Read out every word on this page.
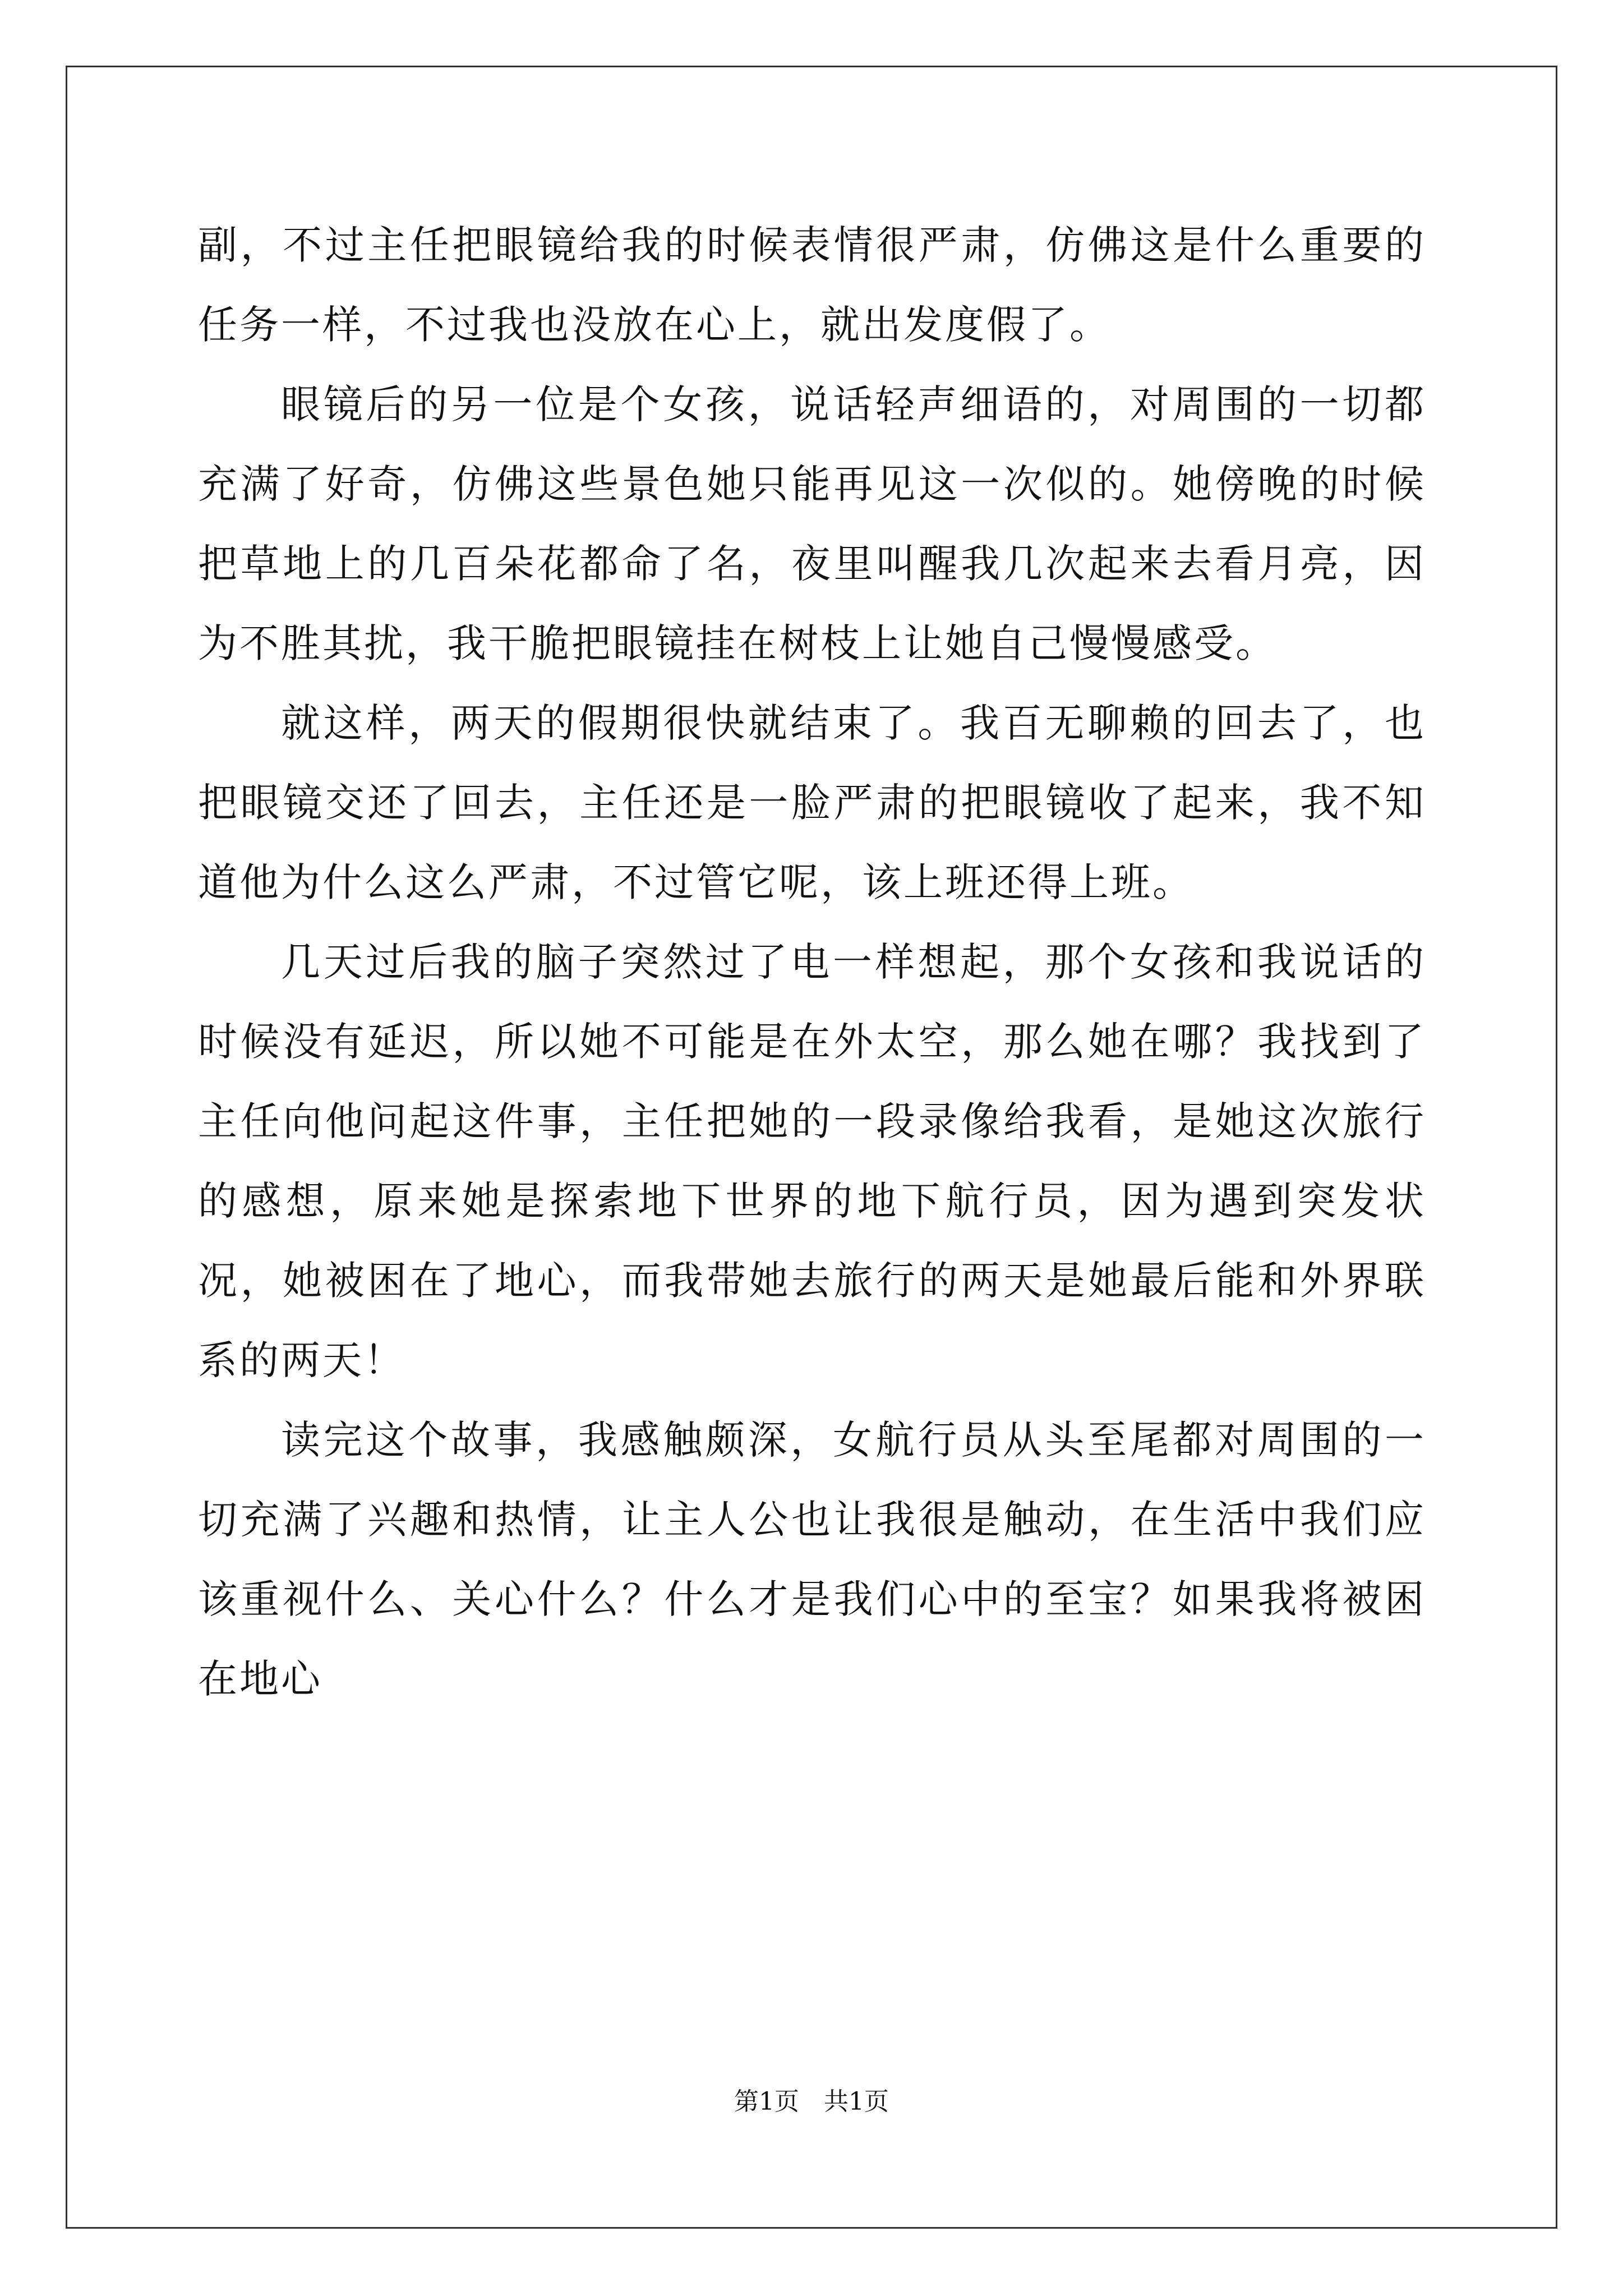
副，不过主任把眼镜给我的时候表情很严肃，仿佛这是什么重要的任务一样，不过我也没放在心上，就出发度假了。

眼镜后的另一位是个女孩，说话轻声细语的，对周围的一切都充满了好奇，仿佛这些景色她只能再见这一次似的。她傍晚的时候把草地上的几百朵花都命了名，夜里叫醒我几次起来去看月亮，因为不胜其扰，我干脆把眼镜挂在树枝上让她自己慢慢感受。

就这样，两天的假期很快就结束了。我百无聊赖的回去了，也把眼镜交还了回去，主任还是一脸严肃的把眼镜收了起来，我不知道他为什么这么严肃，不过管它呢，该上班还得上班。

几天过后我的脑子突然过了电一样想起，那个女孩和我说话的时候没有延迟，所以她不可能是在外太空，那么她在哪？我找到了主任向他问起这件事，主任把她的一段录像给我看，是她这次旅行的感想，原来她是探索地下世界的地下航行员，因为遇到突发状况，她被困在了地心，而我带她去旅行的两天是她最后能和外界联系的两天！

读完这个故事，我感触颇深，女航行员从头至尾都对周围的一切充满了兴趣和热情，让主人公也让我很是触动，在生活中我们应该重视什么、关心什么？什么才是我们心中的至宝？如果我将被困在地心

第1页　共1页
